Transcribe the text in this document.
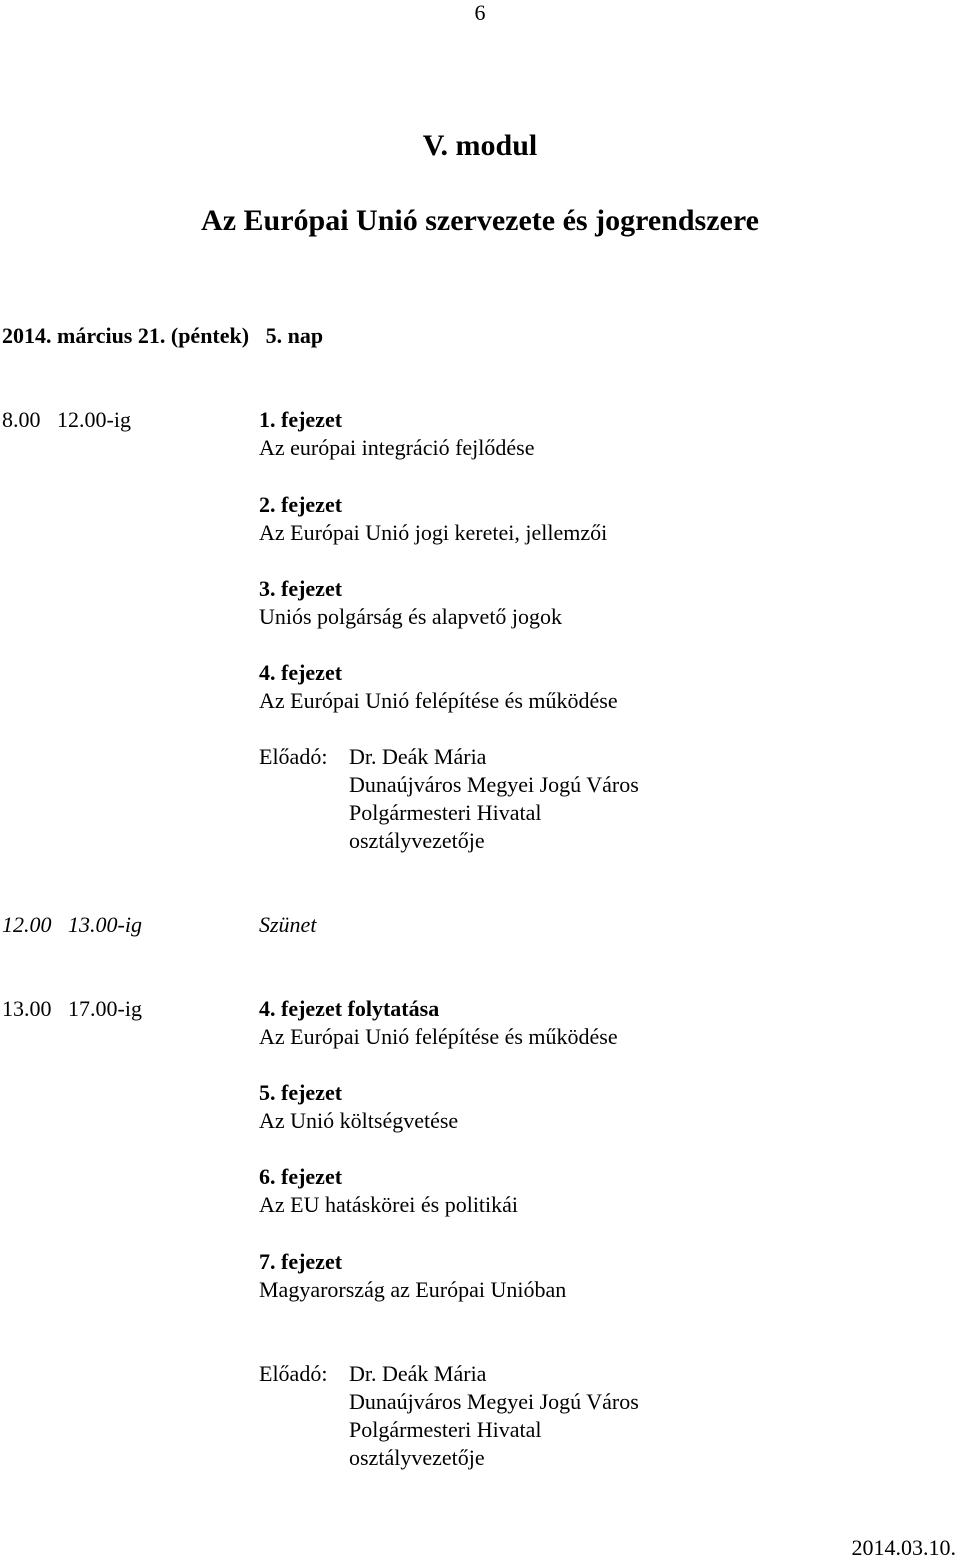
6
V. modul
Az Európai Unió szervezete és jogrendszere
2014. március 21. (péntek)   5. nap
8.00   12.00-ig	1. fejezet
Az európai integráció fejlődése
2. fejezet
Az Európai Unió jogi keretei, jellemzői
3. fejezet
Uniós polgárság és alapvető jogok
4. fejezet
Az Európai Unió felépítése és működése
Előadó: Dr. Deák Mária
Dunaújváros Megyei Jogú Város
Polgármesteri Hivatal
osztályvezetője
12.00   13.00-ig	Szünet
13.00   17.00-ig	4. fejezet folytatása
Az Európai Unió felépítése és működése
5. fejezet
Az Unió költségvetése
6. fejezet
Az EU hatáskörei és politikái
7. fejezet
Magyarország az Európai Unióban
Előadó: Dr. Deák Mária
Dunaújváros Megyei Jogú Város
Polgármesteri Hivatal
osztályvezetője
2014.03.10.
